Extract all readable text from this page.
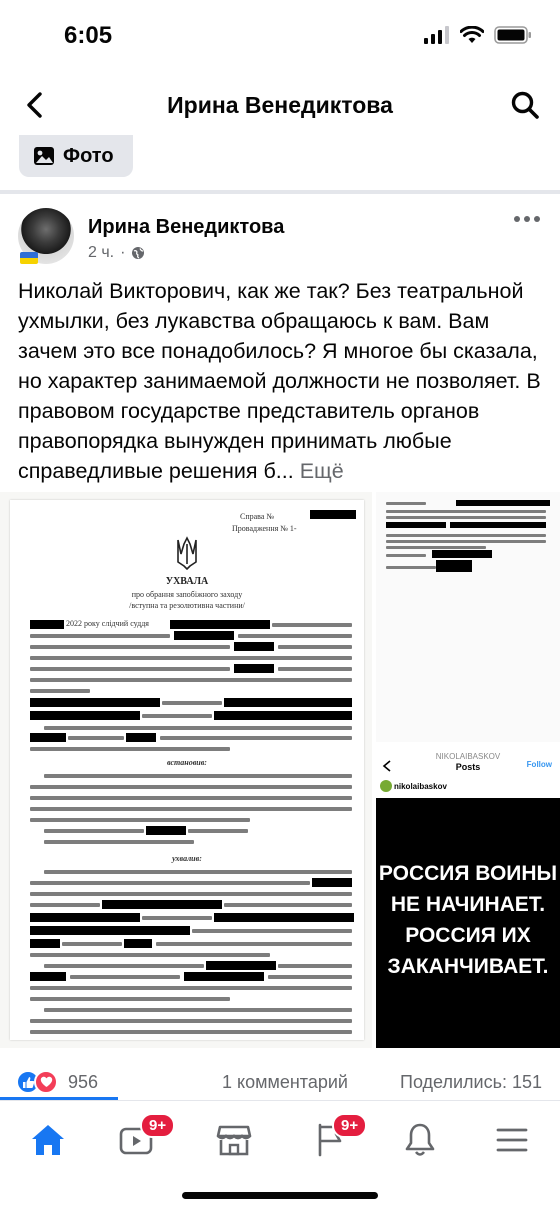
6:05
Ирина Венедиктова
Фото
Ирина Венедиктова
2 ч. ·
Николай Викторович, как же так? Без театральной ухмылки, без лукавства обращаюсь к вам. Вам зачем это все понадобилось? Я многое бы сказала, но характер занимаемой должности не позволяет. В правовом государстве представитель органов правопорядка вынужден принимать любые справедливые решения б... Ещё
Справа №
Провадження № 1-
УХВАЛА
про обрання запобіжного заходу
/вступна та резолютивна частини/
2022 року слідчий суддя
встановив:
ухвалив:
NIKOLAIBASKOV
Posts	Follow
nikolaibaskov
РОССИЯ ВОИНЫ НЕ НАЧИНАЕТ. РОССИЯ ИХ ЗАКАНЧИВАЕТ.
956	1 комментарий	Поделились: 151
9+	9+
